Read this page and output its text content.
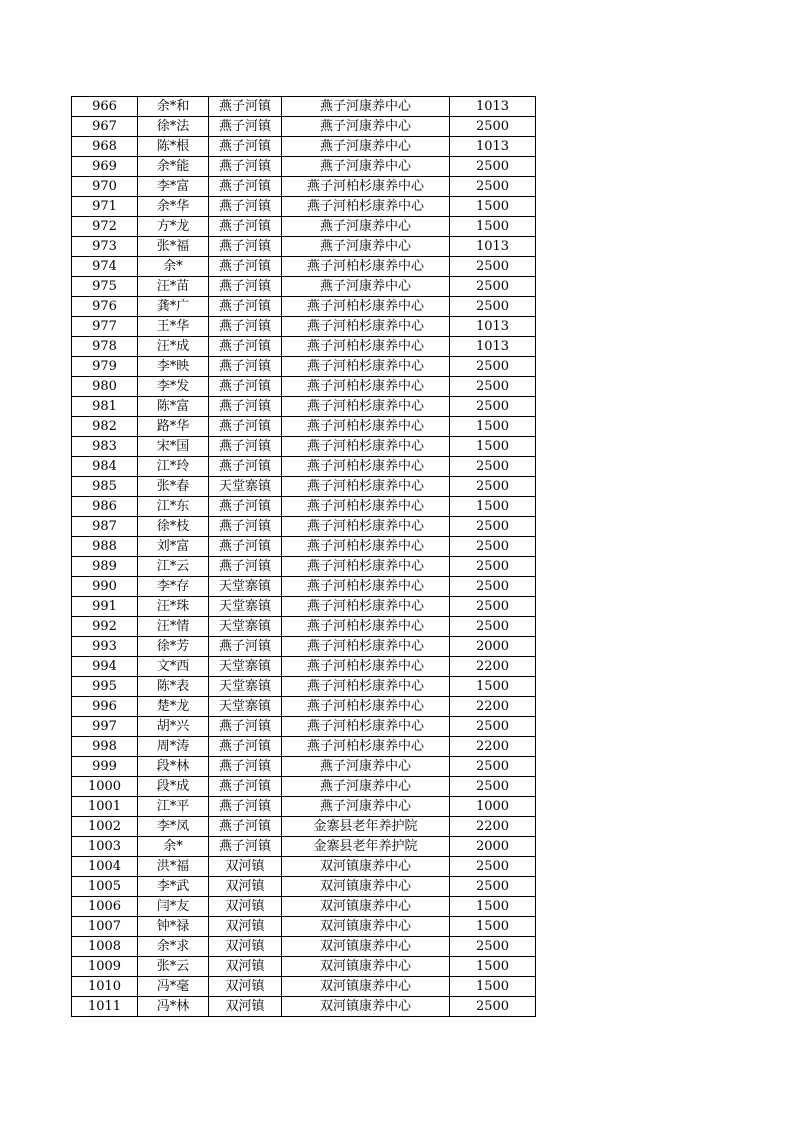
966	余*和	燕子河镇	燕子河康养中心	1013
967	徐*法	燕子河镇	燕子河康养中心	2500
968	陈*根	燕子河镇	燕子河康养中心	1013
969	余*能	燕子河镇	燕子河康养中心	2500
970	李*富	燕子河镇	燕子河柏杉康养中心	2500
971	余*华	燕子河镇	燕子河柏杉康养中心	1500
972	方*龙	燕子河镇	燕子河康养中心	1500
973	张*福	燕子河镇	燕子河康养中心	1013
974	余*	燕子河镇	燕子河柏杉康养中心	2500
975	汪*苗	燕子河镇	燕子河康养中心	2500
976	龚*广	燕子河镇	燕子河柏杉康养中心	2500
977	王*华	燕子河镇	燕子河柏杉康养中心	1013
978	汪*成	燕子河镇	燕子河柏杉康养中心	1013
979	李*映	燕子河镇	燕子河柏杉康养中心	2500
980	李*发	燕子河镇	燕子河柏杉康养中心	2500
981	陈*富	燕子河镇	燕子河柏杉康养中心	2500
982	路*华	燕子河镇	燕子河柏杉康养中心	1500
983	宋*国	燕子河镇	燕子河柏杉康养中心	1500
984	江*玲	燕子河镇	燕子河柏杉康养中心	2500
985	张*春	天堂寨镇	燕子河柏杉康养中心	2500
986	江*东	燕子河镇	燕子河柏杉康养中心	1500
987	徐*枝	燕子河镇	燕子河柏杉康养中心	2500
988	刘*富	燕子河镇	燕子河柏杉康养中心	2500
989	江*云	燕子河镇	燕子河柏杉康养中心	2500
990	李*存	天堂寨镇	燕子河柏杉康养中心	2500
991	汪*珠	天堂寨镇	燕子河柏杉康养中心	2500
992	汪*情	天堂寨镇	燕子河柏杉康养中心	2500
993	徐*芳	燕子河镇	燕子河柏杉康养中心	2000
994	文*西	天堂寨镇	燕子河柏杉康养中心	2200
995	陈*表	天堂寨镇	燕子河柏杉康养中心	1500
996	楚*龙	天堂寨镇	燕子河柏杉康养中心	2200
997	胡*兴	燕子河镇	燕子河柏杉康养中心	2500
998	周*涛	燕子河镇	燕子河柏杉康养中心	2200
999	段*林	燕子河镇	燕子河康养中心	2500
1000	段*成	燕子河镇	燕子河康养中心	2500
1001	江*平	燕子河镇	燕子河康养中心	1000
1002	李*凤	燕子河镇	金寨县老年养护院	2200
1003	余*	燕子河镇	金寨县老年养护院	2000
1004	洪*福	双河镇	双河镇康养中心	2500
1005	李*武	双河镇	双河镇康养中心	2500
1006	闫*友	双河镇	双河镇康养中心	1500
1007	钟*禄	双河镇	双河镇康养中心	1500
1008	余*求	双河镇	双河镇康养中心	2500
1009	张*云	双河镇	双河镇康养中心	1500
1010	冯*毫	双河镇	双河镇康养中心	1500
1011	冯*林	双河镇	双河镇康养中心	2500
